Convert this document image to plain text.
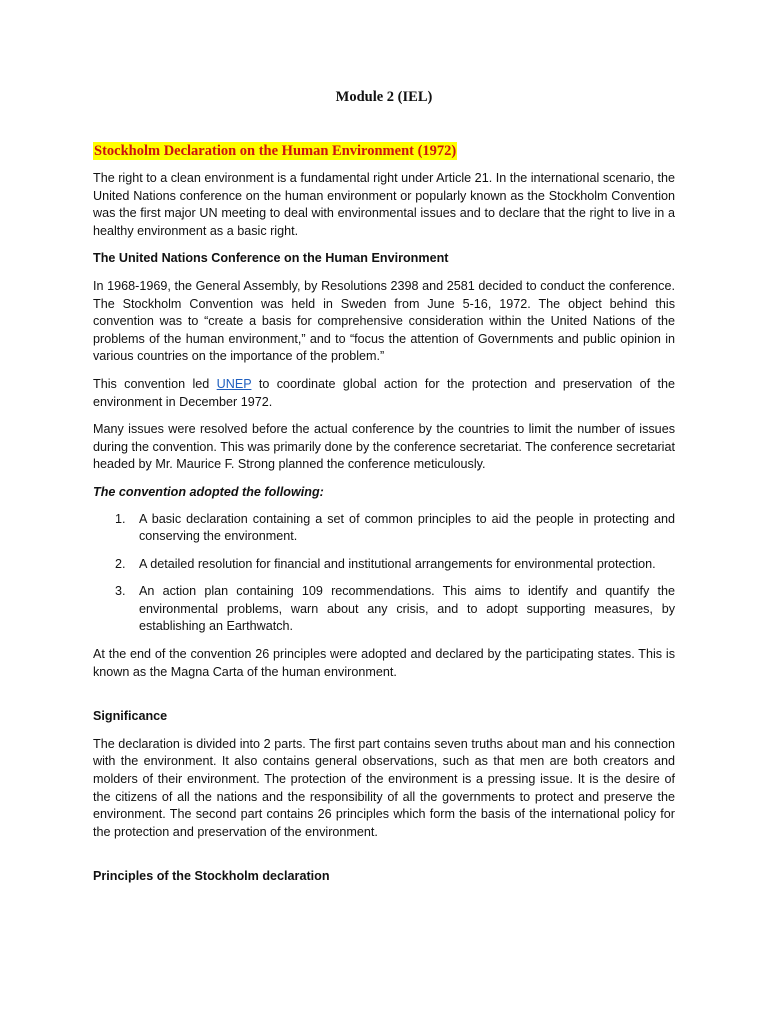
Module 2 (IEL)
Stockholm Declaration on the Human Environment (1972)

The right to a clean environment is a fundamental right under Article 21. In the international scenario, the United Nations conference on the human environment or popularly known as the Stockholm Convention was the first major UN meeting to deal with environmental issues and to declare that the right to live in a healthy environment as a basic right.

The United Nations Conference on the Human Environment

In 1968-1969, the General Assembly, by Resolutions 2398 and 2581 decided to conduct the conference. The Stockholm Convention was held in Sweden from June 5-16, 1972. The object behind this convention was to “create a basis for comprehensive consideration within the United Nations of the problems of the human environment,” and to “focus the attention of Governments and public opinion in various countries on the importance of the problem.”

This convention led UNEP to coordinate global action for the protection and preservation of the environment in December 1972.

Many issues were resolved before the actual conference by the countries to limit the number of issues during the convention. This was primarily done by the conference secretariat. The conference secretariat headed by Mr. Maurice F. Strong planned the conference meticulously.

The convention adopted the following:
1. A basic declaration containing a set of common principles to aid the people in protecting and conserving the environment.
2. A detailed resolution for financial and institutional arrangements for environmental protection.
3. An action plan containing 109 recommendations. This aims to identify and quantify the environmental problems, warn about any crisis, and to adopt supporting measures, by establishing an Earthwatch.

At the end of the convention 26 principles were adopted and declared by the participating states. This is known as the Magna Carta of the human environment.

Significance

The declaration is divided into 2 parts. The first part contains seven truths about man and his connection with the environment. It also contains general observations, such as that men are both creators and molders of their environment. The protection of the environment is a pressing issue. It is the desire of the citizens of all the nations and the responsibility of all the governments to protect and preserve the environment. The second part contains 26 principles which form the basis of the international policy for the protection and preservation of the environment.

Principles of the Stockholm declaration
